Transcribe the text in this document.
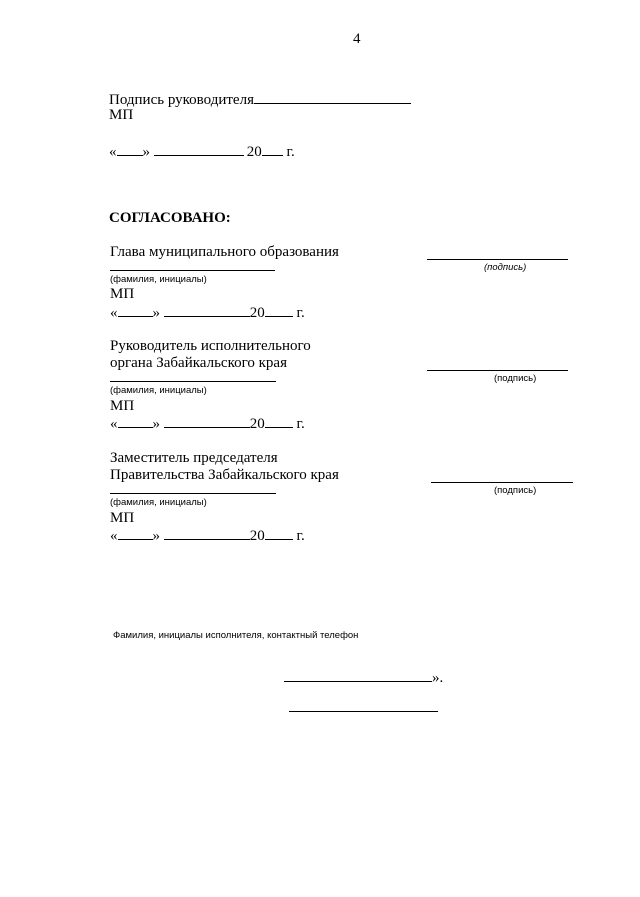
4
Подпись руководителя
МП
« »	20 г.
СОГЛАСОВАНО:
Глава муниципального образования
(подпись)
(фамилия, инициалы)
МП
« »	20 г.
Руководитель исполнительного
органа Забайкальского края
(подпись)
(фамилия, инициалы)
МП
« »	20 г.
Заместитель председателя
Правительства Забайкальского края
(подпись)
(фамилия, инициалы)
МП
« »	20 г.
Фамилия, инициалы исполнителя, контактный телефон
».
